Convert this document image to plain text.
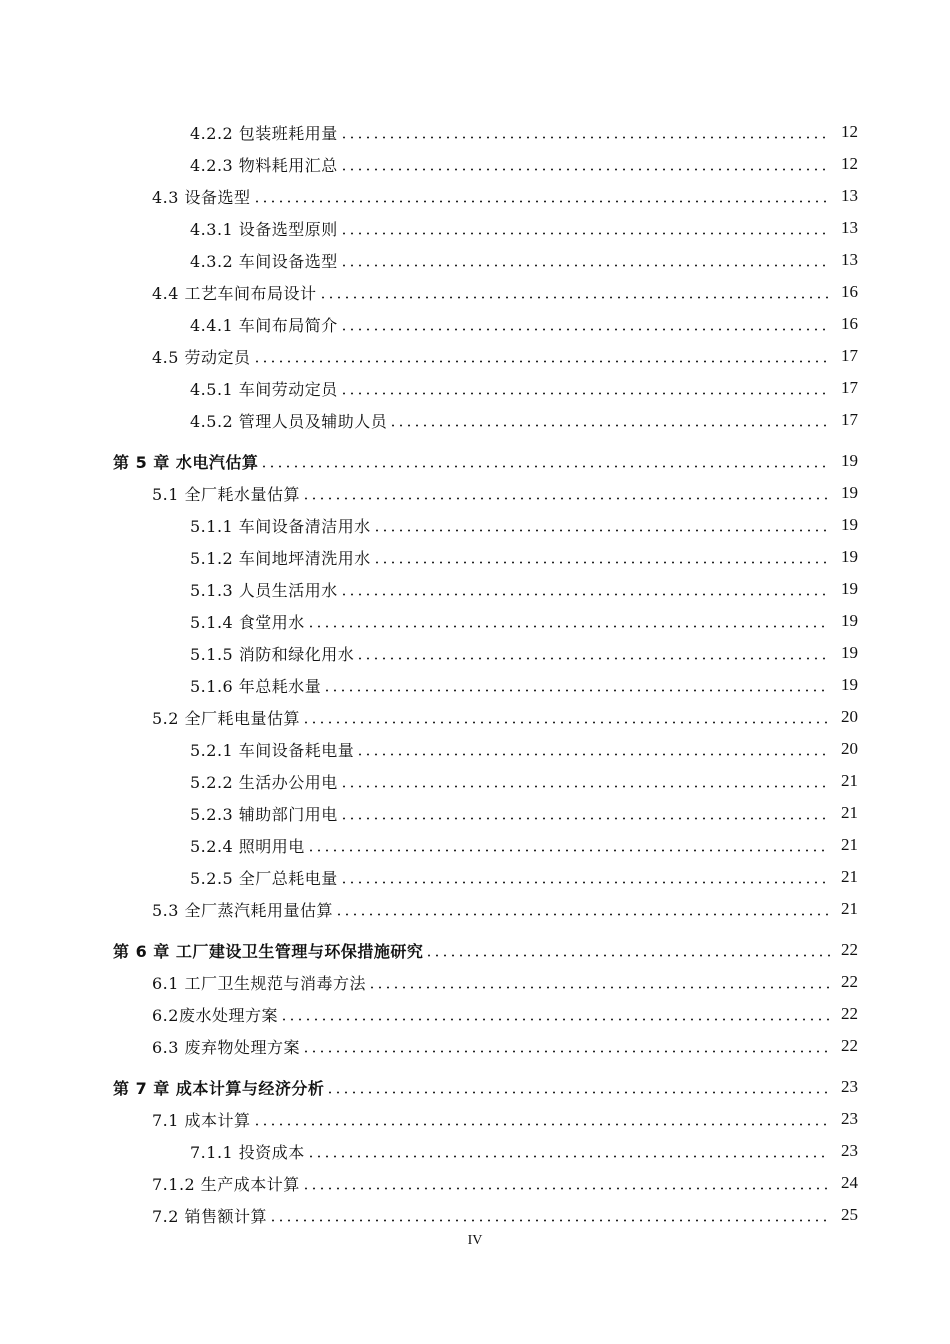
4.2.2 包装班耗用量	12
4.2.3 物料耗用汇总	12
4.3 设备选型	13
4.3.1 设备选型原则	13
4.3.2 车间设备选型	13
4.4 工艺车间布局设计	16
4.4.1 车间布局简介	16
4.5 劳动定员	17
4.5.1 车间劳动定员	17
4.5.2 管理人员及辅助人员	17
第 5 章 水电汽估算	19
5.1 全厂耗水量估算	19
5.1.1 车间设备清洁用水	19
5.1.2 车间地坪清洗用水	19
5.1.3 人员生活用水	19
5.1.4 食堂用水	19
5.1.5 消防和绿化用水	19
5.1.6 年总耗水量	19
5.2 全厂耗电量估算	20
5.2.1 车间设备耗电量	20
5.2.2 生活办公用电	21
5.2.3 辅助部门用电	21
5.2.4 照明用电	21
5.2.5 全厂总耗电量	21
5.3 全厂蒸汽耗用量估算	21
第 6 章 工厂建设卫生管理与环保措施研究	22
6.1 工厂卫生规范与消毒方法	22
6.2废水处理方案	22
6.3 废弃物处理方案	22
第 7 章 成本计算与经济分析	23
7.1 成本计算	23
7.1.1 投资成本	23
7.1.2 生产成本计算	24
7.2 销售额计算	25
IV
